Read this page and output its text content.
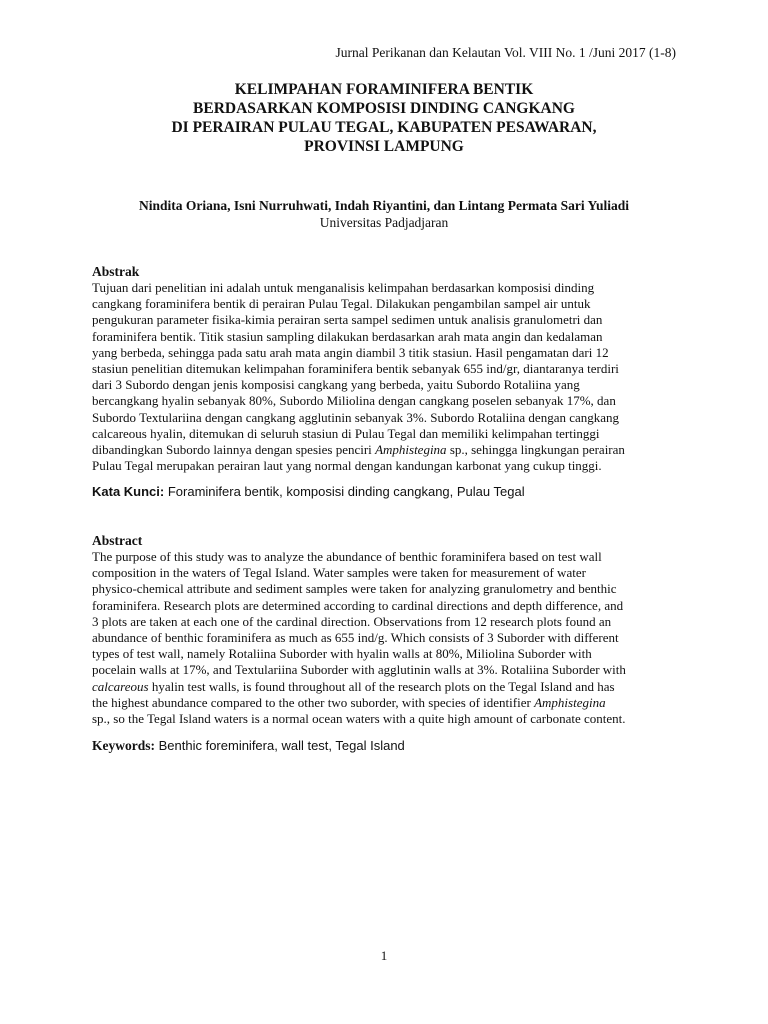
Jurnal Perikanan dan Kelautan Vol. VIII No. 1 /Juni 2017 (1-8)
KELIMPAHAN FORAMINIFERA BENTIK
BERDASARKAN KOMPOSISI DINDING CANGKANG
DI PERAIRAN PULAU TEGAL, KABUPATEN PESAWARAN,
PROVINSI LAMPUNG
Nindita Oriana, Isni Nurruhwati, Indah Riyantini, dan Lintang Permata Sari Yuliadi
Universitas Padjadjaran
Abstrak
Tujuan dari penelitian ini adalah untuk menganalisis kelimpahan berdasarkan komposisi dinding
cangkang foraminifera bentik di perairan Pulau Tegal. Dilakukan pengambilan sampel air untuk
pengukuran parameter fisika-kimia perairan serta sampel sedimen untuk analisis granulometri dan
foraminifera bentik. Titik stasiun sampling dilakukan berdasarkan arah mata angin dan kedalaman
yang berbeda, sehingga pada satu arah mata angin diambil 3 titik stasiun. Hasil pengamatan dari 12
stasiun penelitian ditemukan kelimpahan foraminifera bentik sebanyak 655 ind/gr, diantaranya terdiri
dari 3 Subordo dengan jenis komposisi cangkang yang berbeda, yaitu Subordo Rotaliina yang
bercangkang hyalin sebanyak 80%, Subordo Miliolina dengan cangkang poselen sebanyak 17%, dan
Subordo Textulariina dengan cangkang agglutinin sebanyak 3%. Subordo Rotaliina dengan cangkang
calcareous hyalin, ditemukan di seluruh stasiun di Pulau Tegal dan memiliki kelimpahan tertinggi
dibandingkan Subordo lainnya dengan spesies penciri Amphistegina sp., sehingga lingkungan perairan
Pulau Tegal merupakan perairan laut yang normal dengan kandungan karbonat yang cukup tinggi.
Kata Kunci: Foraminifera bentik, komposisi dinding cangkang, Pulau Tegal
Abstract
The purpose of this study was to analyze the abundance of benthic foraminifera based on test wall
composition in the waters of Tegal Island. Water samples were taken for measurement of water
physico-chemical attribute and sediment samples were taken for analyzing granulometry and benthic
foraminifera. Research plots are determined according to cardinal directions and depth difference, and
3 plots are taken at each one of the cardinal direction. Observations from 12 research plots found an
abundance of benthic foraminifera as much as 655 ind/g. Which consists of 3 Suborder with different
types of test wall, namely Rotaliina Suborder with hyalin walls at 80%, Miliolina Suborder with
pocelain walls at 17%, and Textulariina Suborder with agglutinin walls at 3%. Rotaliina Suborder with
calcareous hyalin test walls, is found throughout all of the research plots on the Tegal Island and has
the highest abundance compared to the other two suborder, with species of identifier Amphistegina
sp., so the Tegal Island waters is a normal ocean waters with a quite high amount of carbonate content.
Keywords: Benthic foreminifera, wall test, Tegal Island
1
